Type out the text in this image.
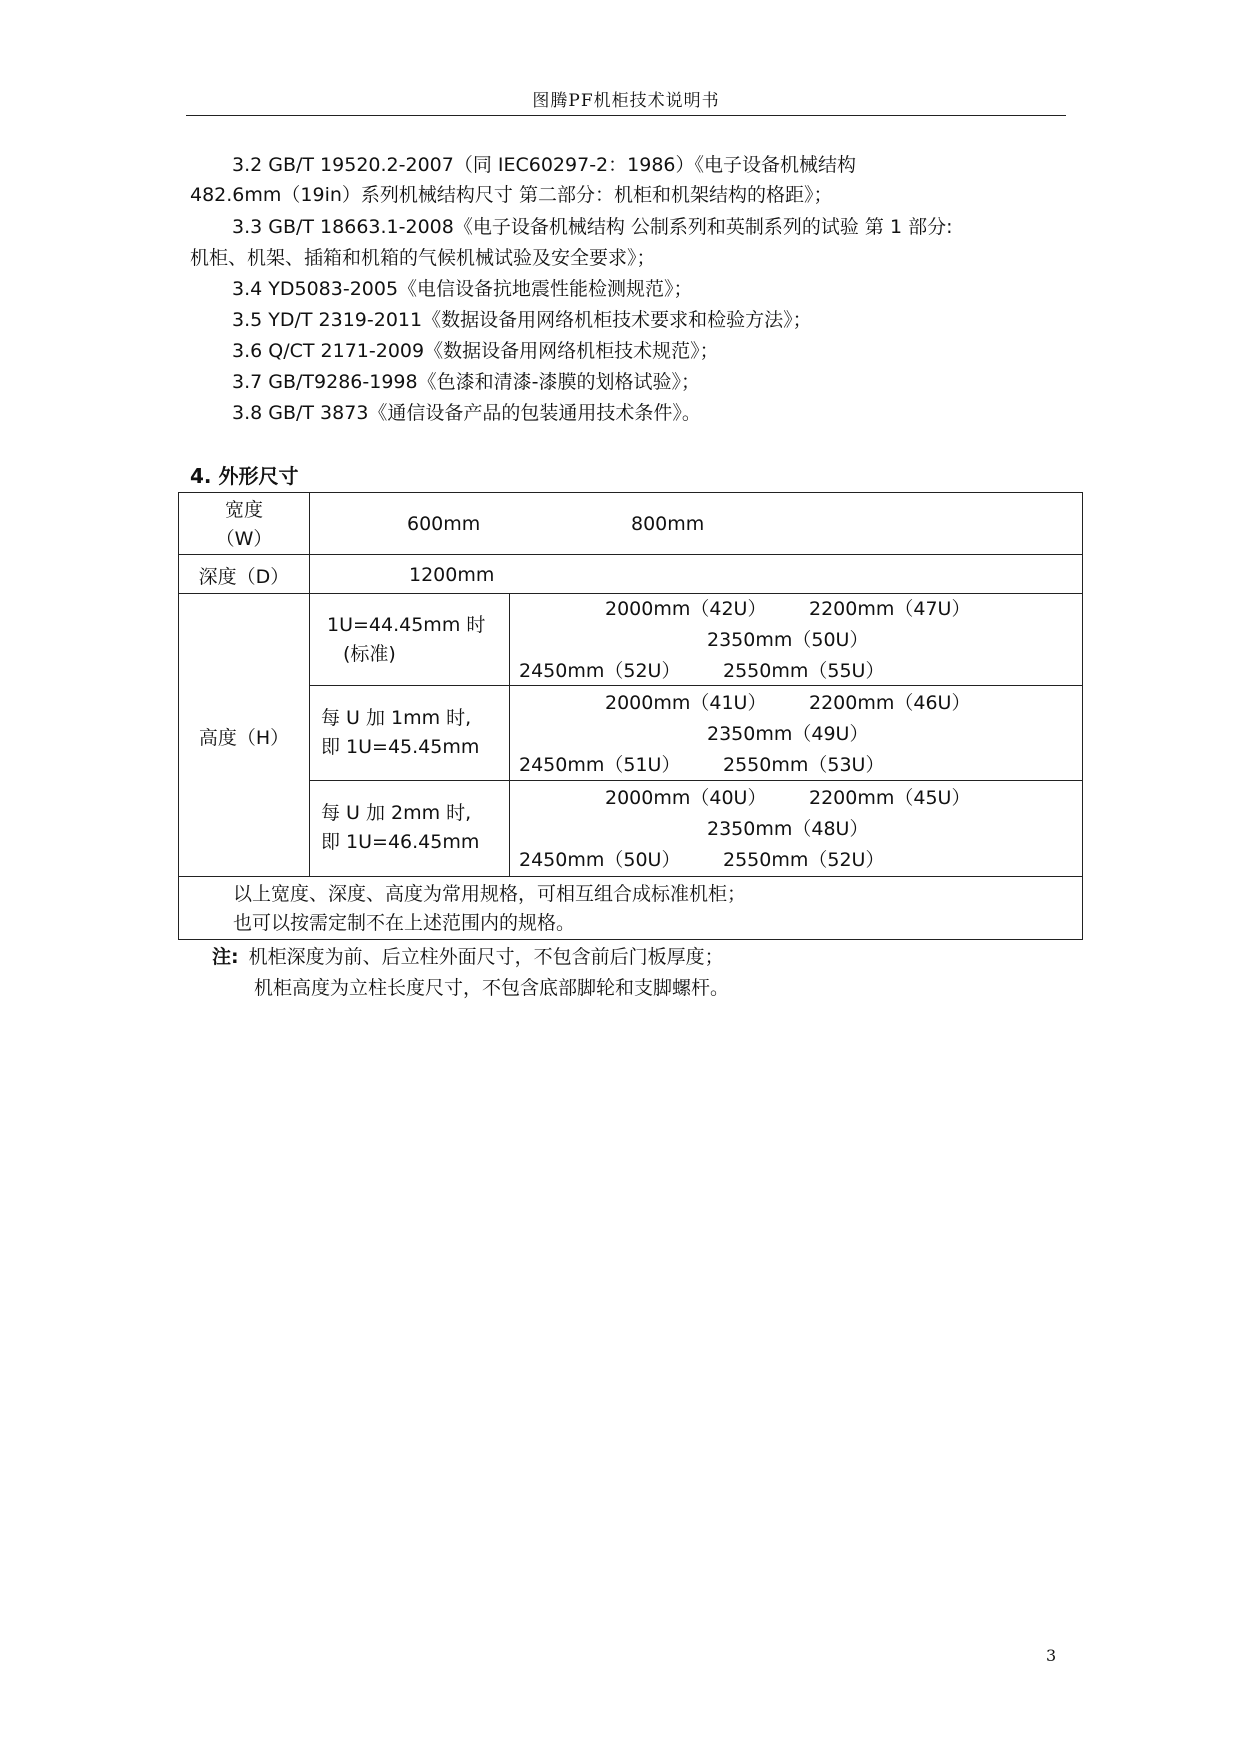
图腾PF机柜技术说明书
3.2 GB/T 19520.2-2007（同 IEC60297-2：1986）《电子设备机械结构
482.6mm（19in）系列机械结构尺寸 第二部分：机柜和机架结构的格距》；
3.3 GB/T 18663.1-2008《电子设备机械结构 公制系列和英制系列的试验 第 1 部分:
机柜、机架、插箱和机箱的气候机械试验及安全要求》；
3.4 YD5083-2005《电信设备抗地震性能检测规范》；
3.5 YD/T 2319-2011《数据设备用网络机柜技术要求和检验方法》；
3.6 Q/CT 2171-2009《数据设备用网络机柜技术规范》；
3.7 GB/T9286-1998《色漆和清漆-漆膜的划格试验》；
3.8 GB/T 3873《通信设备产品的包装通用技术条件》。
4. 外形尺寸
宽度
（W）
600mm	800mm
深度（D）	1200mm
高度（H）
1U=44.45mm 时
(标准)
2000mm（42U） 2200mm（47U）
2350mm（50U）
2450mm（52U） 2550mm（55U）
每 U 加 1mm 时,
即 1U=45.45mm
2000mm（41U） 2200mm（46U）
2350mm（49U）
2450mm（51U） 2550mm（53U）
每 U 加 2mm 时,
即 1U=46.45mm
2000mm（40U） 2200mm（45U）
2350mm（48U）
2450mm（50U） 2550mm（52U）
以上宽度、深度、高度为常用规格，可相互组合成标准机柜；
也可以按需定制不在上述范围内的规格。
注: 机柜深度为前、后立柱外面尺寸，不包含前后门板厚度；
机柜高度为立柱长度尺寸，不包含底部脚轮和支脚螺杆。
3
